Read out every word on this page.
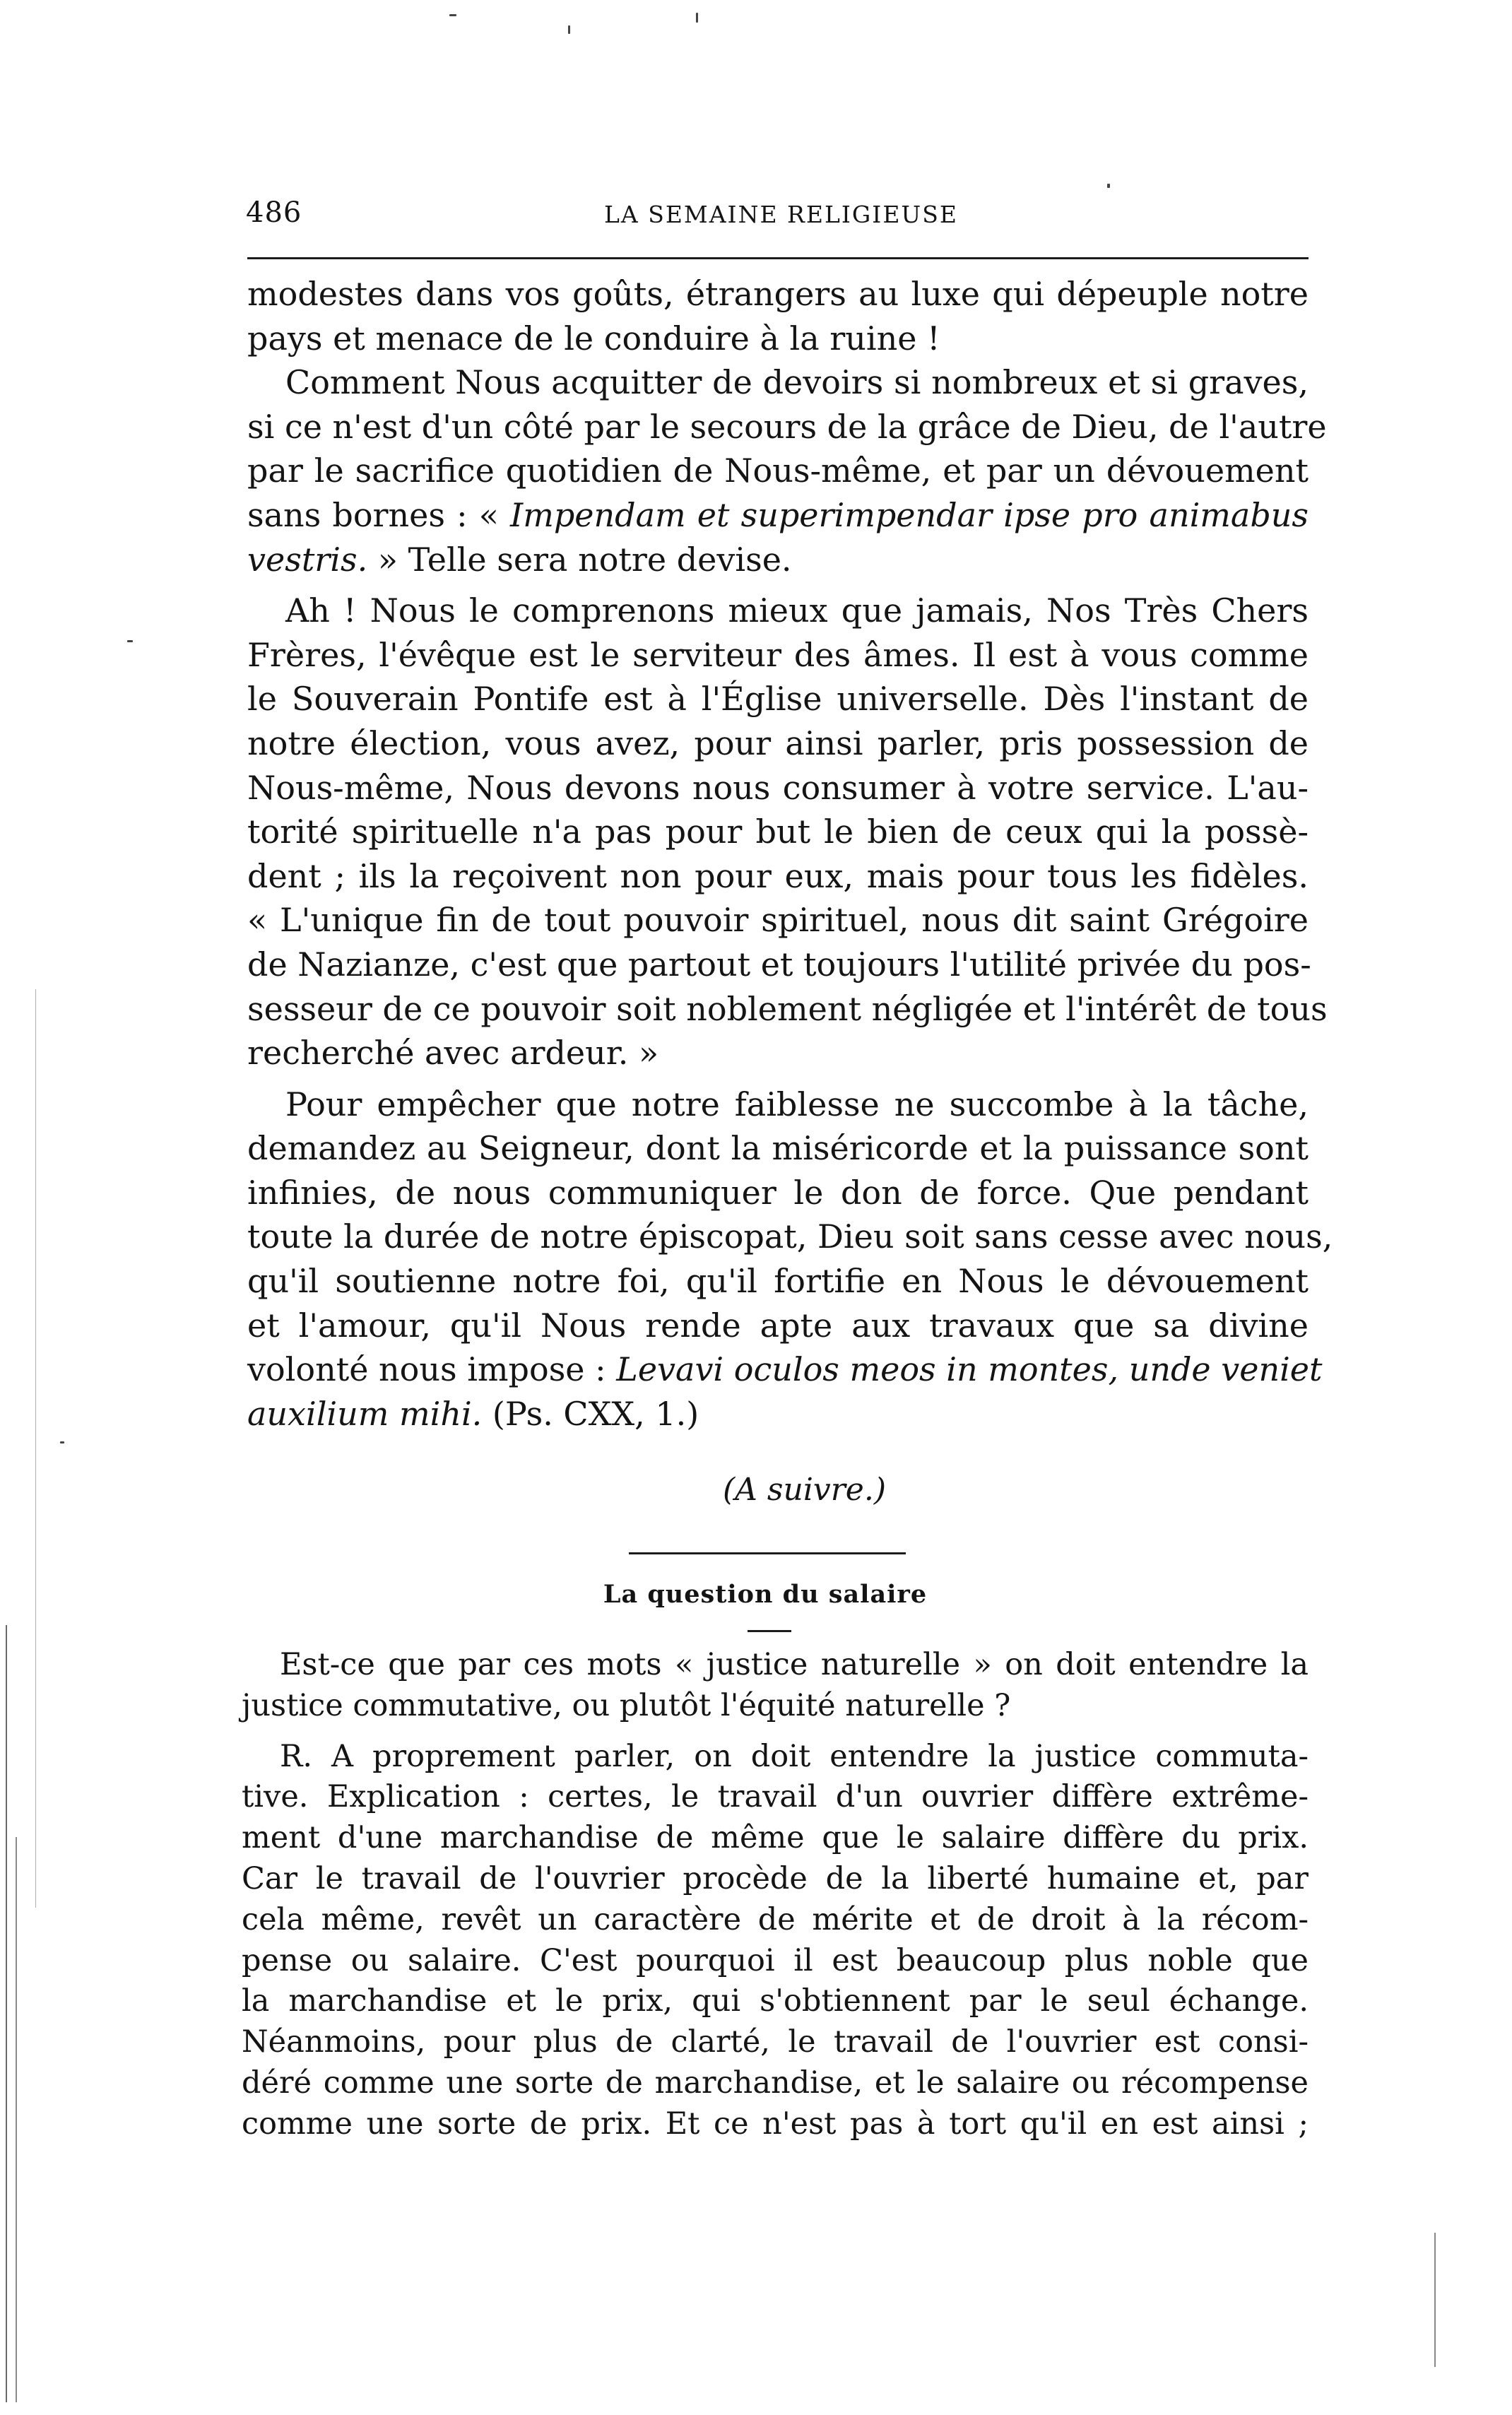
486	LA SEMAINE RELIGIEUSE

modestes dans vos goûts, étrangers au luxe qui dépeuple notre
pays et menace de le conduire à la ruine !

Comment Nous acquitter de devoirs si nombreux et si graves,
si ce n'est d'un côté par le secours de la grâce de Dieu, de l'autre
par le sacrifice quotidien de Nous-même, et par un dévouement
sans bornes : « Impendam et superimpendar ipse pro animabus
vestris. » Telle sera notre devise.

Ah ! Nous le comprenons mieux que jamais, Nos Très Chers
Frères, l'évêque est le serviteur des âmes. Il est à vous comme
le Souverain Pontife est à l'Église universelle. Dès l'instant de
notre élection, vous avez, pour ainsi parler, pris possession de
Nous-même, Nous devons nous consumer à votre service. L'au-
torité spirituelle n'a pas pour but le bien de ceux qui la possè-
dent ; ils la reçoivent non pour eux, mais pour tous les fidèles.
« L'unique fin de tout pouvoir spirituel, nous dit saint Grégoire
de Nazianze, c'est que partout et toujours l'utilité privée du pos-
sesseur de ce pouvoir soit noblement négligée et l'intérêt de tous
recherché avec ardeur. »

Pour empêcher que notre faiblesse ne succombe à la tâche,
demandez au Seigneur, dont la miséricorde et la puissance sont
infinies, de nous communiquer le don de force. Que pendant
toute la durée de notre épiscopat, Dieu soit sans cesse avec nous,
qu'il soutienne notre foi, qu'il fortifie en Nous le dévouement
et l'amour, qu'il Nous rende apte aux travaux que sa divine
volonté nous impose : Levavi oculos meos in montes, unde veniet
auxilium mihi. (Ps. CXX, 1.)

(A suivre.)
La question du salaire

Est-ce que par ces mots « justice naturelle » on doit entendre la
justice commutative, ou plutôt l'équité naturelle ?

R. A proprement parler, on doit entendre la justice commuta-
tive. Explication : certes, le travail d'un ouvrier diffère extrême-
ment d'une marchandise de même que le salaire diffère du prix.
Car le travail de l'ouvrier procède de la liberté humaine et, par
cela même, revêt un caractère de mérite et de droit à la récom-
pense ou salaire. C'est pourquoi il est beaucoup plus noble que
la marchandise et le prix, qui s'obtiennent par le seul échange.
Néanmoins, pour plus de clarté, le travail de l'ouvrier est consi-
déré comme une sorte de marchandise, et le salaire ou récompense
comme une sorte de prix. Et ce n'est pas à tort qu'il en est ainsi ;
